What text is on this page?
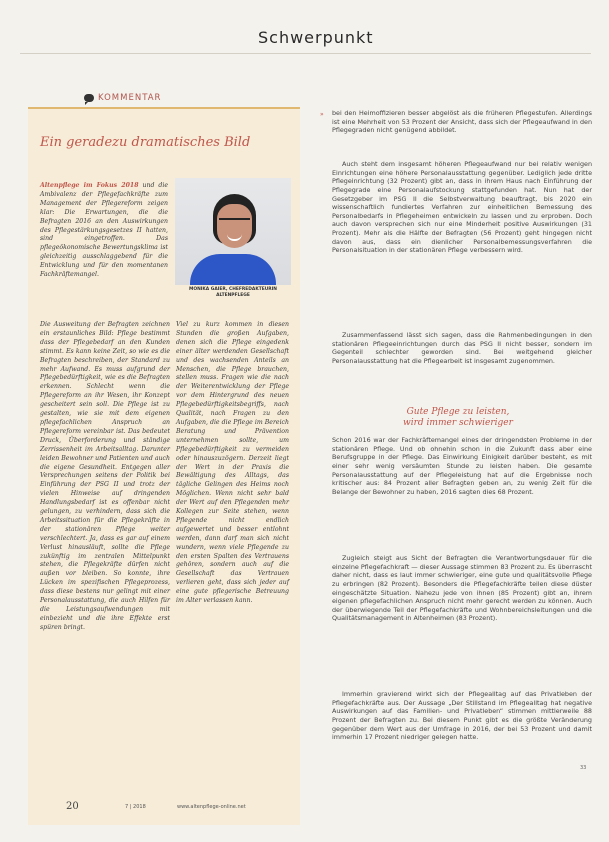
Schwerpunkt
KOMMENTAR
Ein geradezu dramatisches Bild

Altenpflege im Fokus 2018 und die Ambivalenz der Pflegefachkräfte zum Management der Pflegereform zeigen klar: Die Erwartungen, die die Befragten 2016 an den Auswirkungen des Pflegestärkungsgesetzes II hatten, sind eingetroffen. Das pflegeökonomische Bewertungsklima ist gleichzeitig ausschlaggebend für die Entwicklung und für den momentanen Fachkräftemangel.

MONIKA GAIER, CHEFREDAKTEURIN ALTENPFLEGE

Die Ausweitung der Befragten zeichnen ein erstaunliches Bild: Pflege bestimmt dass der Pflegebedarf an den Kunden stimmt. Es kann keine Zeit, so wie es die Befragten beschreiben, der Standard zu mehr Aufwand. Es muss aufgrund der Pflegebedürftigkeit, wie es die Befragten erkennen. Schlecht wenn die Pflegereform an ihr Wesen, ihr Konzept gescheitert sein soll. Die Pflege ist zu gestalten, wie sie mit dem eigenen pflegefachlichen Anspruch an Pflegereform vereinbar ist. Das bedeutet Druck, Überforderung und ständige Zerrissenheit im Arbeitsalltag. Darunter leiden Bewohner und Patienten und auch die eigene Gesundheit. Entgegen aller Versprechungen seitens der Politik bei Einführung der PSG II und trotz der vielen Hinweise auf dringenden Handlungsbedarf ist es offenbar nicht gelungen, zu verhindern, dass sich die Arbeitssituation für die Pflegekräfte in der stationären Pflege weiter verschlechtert. Ja, dass es gar auf einem Verlust hinausläuft, sollte die Pflege zukünftig im zentralen Mittelpunkt stehen, die Pflegekräfte dürfen nicht außen vor bleiben. So konnte, ihre Lücken im spezifischen Pflegeprozess, dass diese bestens nur gelingt mit einer Personalausstattung, die auch Hilfen für die Leistungsaufwendungen mit einbezieht und die ihre Effekte erst spüren bringt.

Viel zu kurz kommen in diesen Stunden die großen Aufgaben, denen sich die Pflege eingedenk einer älter werdenden Gesellschaft und des wachsenden Anteils an Menschen, die Pflege brauchen, stellen muss. Fragen wie die nach der Weiterentwicklung der Pflege vor dem Hintergrund des neuen Pflegebedürftigkeitsbegriffs, nach Qualität, nach Fragen zu den Aufgaben, die die Pflege im Bereich Beratung und Prävention unternehmen sollte, um Pflegebedürftigkeit zu vermeiden oder hinauszuzögern. Derzeit liegt der Wert in der Praxis die Bewältigung des Alltags, das tägliche Gelingen des Heims noch Möglichen. Wenn nicht sehr bald der Wert auf den Pflegenden mehr Kollegen zur Seite stehen, wenn Pflegende nicht endlich aufgewertet und besser entlohnt werden, dann darf man sich nicht wundern, wenn viele Pflegende zu den ersten Spalten des Vertrauens gehören, sondern auch auf die Gesellschaft das Vertrauen verlieren geht, dass sich jeder auf eine gute pflegerische Betreuung im Alter verlassen kann.

» bei den Heimoffizieren besser abgelöst als die früheren Pflegestufen. Allerdings ist eine Mehrheit von 53 Prozent der Ansicht, dass sich der Pflegeaufwand in den Pflegegraden nicht genügend abbildet.

Auch steht dem insgesamt höheren Pflegeaufwand nur bei relativ wenigen Einrichtungen eine höhere Personalausstattung gegenüber. Lediglich jede dritte Pflegeinrichtung (32 Prozent) gibt an, dass in ihrem Haus nach Einführung der Pflegegrade eine Personalaufstockung stattgefunden hat. Nun hat der Gesetzgeber im PSG II die Selbstverwaltung beauftragt, bis 2020 ein wissenschaftlich fundiertes Verfahren zur einheitlichen Bemessung des Personalbedarfs in Pflegeheimen entwickeln zu lassen und zu erproben. Doch auch davon versprechen sich nur eine Minderheit positive Auswirkungen (31 Prozent). Mehr als die Hälfte der Befragten (56 Prozent) geht hingegen nicht davon aus, dass ein dienlicher Personalbemessungsverfahren die Personalsituation in der stationären Pflege verbessern wird.

Zusammenfassend lässt sich sagen, dass die Rahmenbedingungen in den stationären Pflegeeinrichtungen durch das PSG II nicht besser, sondern im Gegenteil schlechter geworden sind. Bei weitgehend gleicher Personalausstattung hat die Pflegearbeit ist insgesamt zugenommen.

Gute Pflege zu leisten,
wird immer schwieriger

Schon 2016 war der Fachkräftemangel eines der dringendsten Probleme in der stationären Pflege. Und ob ohnehin schon in die Zukunft dass aber eine Berufsgruppe in der Pflege. Das Einwirkung Einigkeit darüber besteht, es mit einer sehr wenig versäumten Stunde zu leisten haben. Die gesamte Personalausstattung auf der Pflegeleistung hat auf die Ergebnisse noch kritischer aus: 84 Prozent aller Befragten geben an, zu wenig Zeit für die Belange der Bewohner zu haben, 2016 sagten dies 68 Prozent.

Zugleich steigt aus Sicht der Befragten die Verantwortungsdauer für die einzelne Pflegefachkraft — dieser Aussage stimmen 83 Prozent zu. Es überrascht daher nicht, dass es laut immer schwieriger, eine gute und qualitätsvolle Pflege zu erbringen (82 Prozent). Besonders die Pflegefachkräfte teilen diese düster eingeschätzte Situation. Nahezu jede von ihnen (85 Prozent) gibt an, ihrem eigenen pflegefachlichen Anspruch nicht mehr gerecht werden zu können. Auch der überwiegende Teil der Pflegefachkräfte und Wohnbereichsleitungen und die Qualitätsmanagement in Altenheimen (83 Prozent).

Immerhin gravierend wirkt sich der Pflegealltag auf das Privatleben der Pflegefachkräfte aus. Der Aussage „Der Stillstand im Pflegealltag hat negative Auswirkungen auf das Familien- und Privatleben“ stimmen mittlerweile 88 Prozent der Befragten zu. Bei diesem Punkt gibt es die größte Veränderung gegenüber dem Wert aus der Umfrage in 2016, der bei 53 Prozent und damit immerhin 17 Prozent niedriger gelegen hatte.

20	7 | 2018	www.altenpflege-online.net
33
